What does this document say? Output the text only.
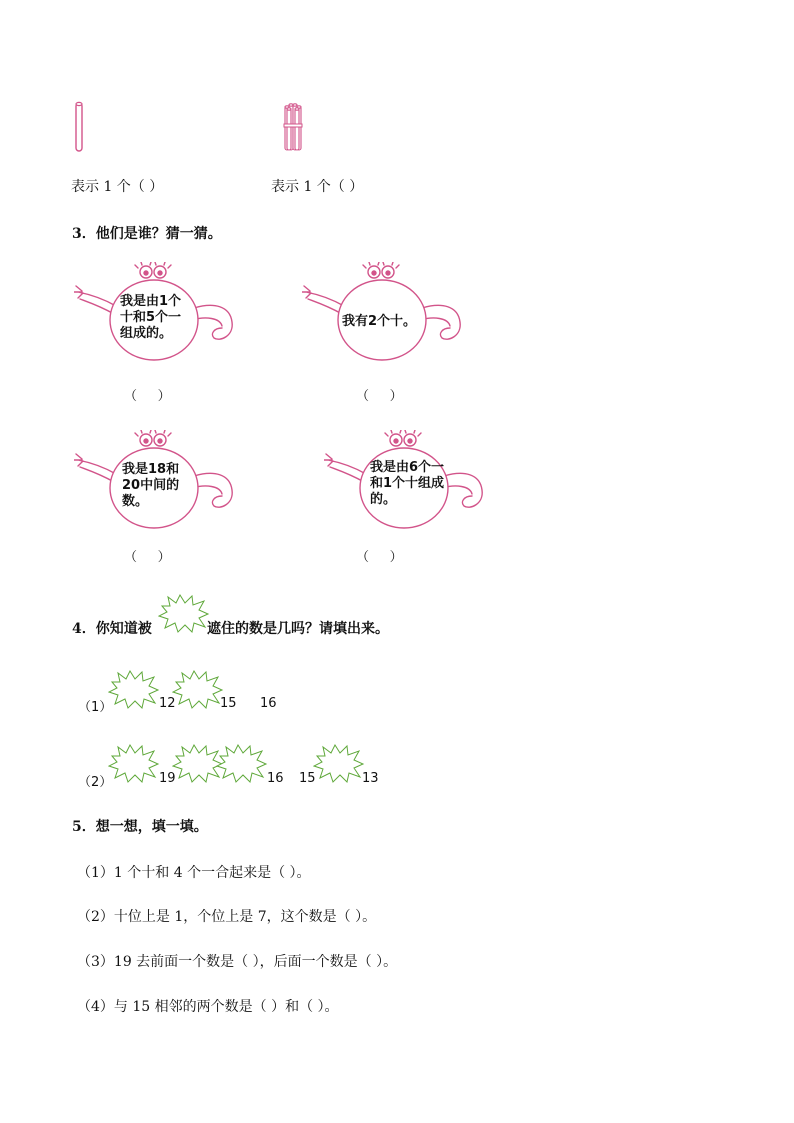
表示 1 个（ ）	表示 1 个（ ）
3．他们是谁？猜一猜。
我是由1个十和5个一组成的。
（     ）
我有2个十。
（     ）
我是18和20中间的数。
（     ）
我是由6个一和1个十组成的。
（     ）
4．你知道被	遮住的数是几吗？请填出来。
（1）	12	15 16
（2）	19	16 15	13
5．想一想，填一填。
（1）1 个十和 4 个一合起来是（ ）。
（2）十位上是 1，个位上是 7，这个数是（ ）。
（3）19 去前面一个数是（ ），后面一个数是（ ）。
（4）与 15 相邻的两个数是（ ）和（ ）。
